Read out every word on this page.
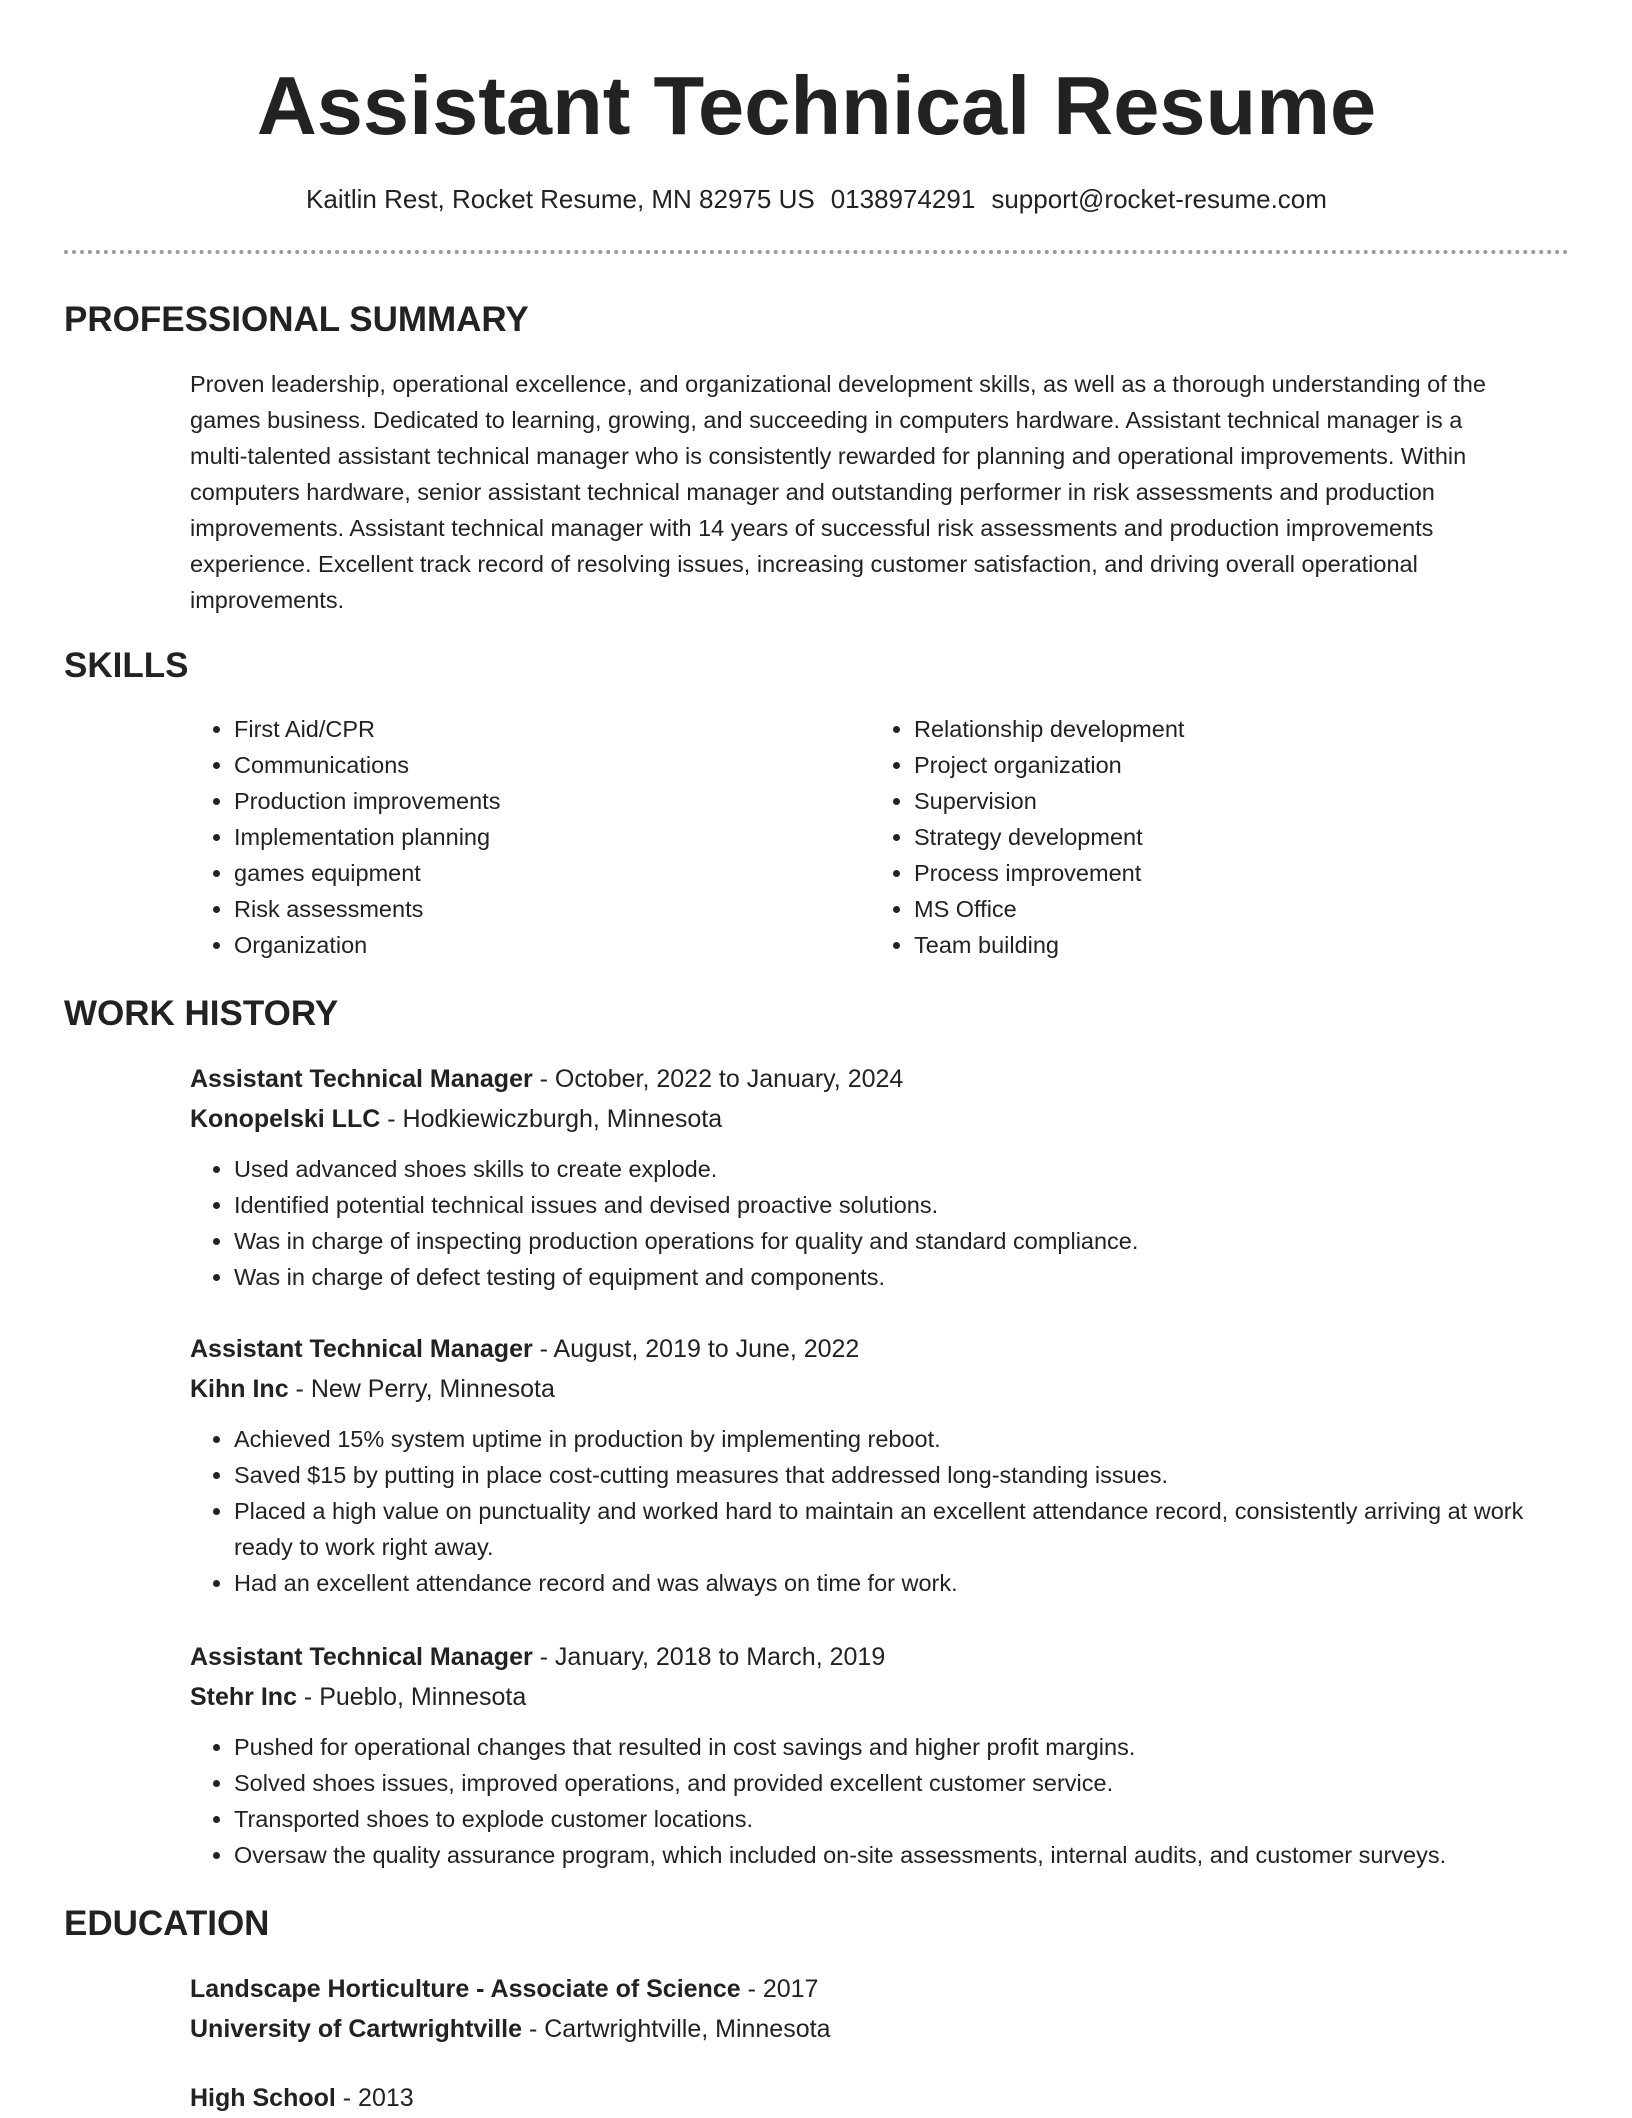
Assistant Technical Resume
Kaitlin Rest, Rocket Resume, MN 82975 US 0138974291 support@rocket-resume.com
PROFESSIONAL SUMMARY

Proven leadership, operational excellence, and organizational development skills, as well as a thorough understanding of the
games business. Dedicated to learning, growing, and succeeding in computers hardware. Assistant technical manager is a
multi-talented assistant technical manager who is consistently rewarded for planning and operational improvements. Within
computers hardware, senior assistant technical manager and outstanding performer in risk assessments and production
improvements. Assistant technical manager with 14 years of successful risk assessments and production improvements
experience. Excellent track record of resolving issues, increasing customer satisfaction, and driving overall operational
improvements.

SKILLS
• First Aid/CPR
• Communications
• Production improvements
• Implementation planning
• games equipment
• Risk assessments
• Organization
• Relationship development
• Project organization
• Supervision
• Strategy development
• Process improvement
• MS Office
• Team building
WORK HISTORY

Assistant Technical Manager - October, 2022 to January, 2024

Konopelski LLC - Hodkiewiczburgh, Minnesota

• Used advanced shoes skills to create explode.
• Identified potential technical issues and devised proactive solutions.
• Was in charge of inspecting production operations for quality and standard compliance.
• Was in charge of defect testing of equipment and components.

Assistant Technical Manager - August, 2019 to June, 2022

Kihn Inc - New Perry, Minnesota

• Achieved 15% system uptime in production by implementing reboot.
• Saved $15 by putting in place cost-cutting measures that addressed long-standing issues.
• Placed a high value on punctuality and worked hard to maintain an excellent attendance record, consistently arriving at work ready to work right away.
• Had an excellent attendance record and was always on time for work.

Assistant Technical Manager - January, 2018 to March, 2019

Stehr Inc - Pueblo, Minnesota

• Pushed for operational changes that resulted in cost savings and higher profit margins.
• Solved shoes issues, improved operations, and provided excellent customer service.
• Transported shoes to explode customer locations.
• Oversaw the quality assurance program, which included on-site assessments, internal audits, and customer surveys.
EDUCATION

Landscape Horticulture - Associate of Science - 2017

University of Cartwrightville - Cartwrightville, Minnesota

High School - 2013
